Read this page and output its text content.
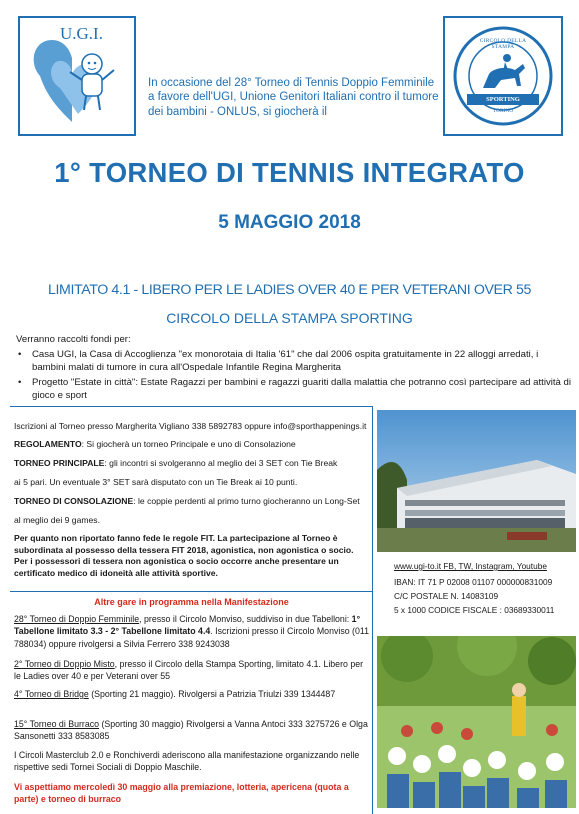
U.G.I.	CIRCOLO DELLA STAMPA
SPORTING
TORINO
In occasione del 28° Torneo di Tennis Doppio Femminile a favore dell'UGI, Unione Genitori Italiani contro il tumore dei bambini - ONLUS, si giocherà il
1° TORNEO DI TENNIS INTEGRATO
5 MAGGIO 2018
LIMITATO 4.1 - LIBERO PER LE LADIES OVER 40 E PER VETERANI OVER 55
CIRCOLO DELLA STAMPA SPORTING
Verranno raccolti fondi per:
• Casa UGI, la Casa di Accoglienza "ex monorotaia di Italia '61" che dal 2006 ospita gratuitamente in 22 alloggi arredati, i bambini malati di tumore in cura all'Ospedale Infantile Regina Margherita
• Progetto "Estate in città": Estate Ragazzi per bambini e ragazzi guariti dalla malattia che potranno così partecipare ad attività di gioco e sport
Iscrizioni al Torneo presso Margherita Vigliano 338 5892783 oppure info@sporthappenings.it
REGOLAMENTO: Si giocherà un torneo Principale e uno di Consolazione
TORNEO PRINCIPALE: gli incontri si svolgeranno al meglio dei 3 SET con Tie Break
ai 5 pari. Un eventuale 3° SET sarà disputato con un Tie Break ai 10 punti.
TORNEO DI CONSOLAZIONE: le coppie perdenti al primo turno giocheranno un Long-Set
al meglio dei 9 games.
Per quanto non riportato fanno fede le regole FIT. La partecipazione al Torneo è subordinata al possesso della tessera FIT 2018, agonistica, non agonistica o socio. Per i possessori di tessera non agonistica o socio occorre anche presentare un certificato medico di idoneità alle attività sportive.
www.ugi-to.it FB, TW, Instagram, Youtube
IBAN: IT 71 P 02008 01107 000000831009
C/C POSTALE N. 14083109
5 x 1000 CODICE FISCALE : 03689330011
Altre gare in programma nella Manifestazione
28° Torneo di Doppio Femminile, presso il Circolo Monviso, suddiviso in due Tabelloni: 1° Tabellone limitato 3.3 - 2° Tabellone limitato 4.4. Iscrizioni presso il Circolo Monviso (011 788034) oppure rivolgersi a Silvia Ferrero 338 9243038
2° Torneo di Doppio Misto, presso il Circolo della Stampa Sporting, limitato 4.1. Libero per le Ladies over 40 e per Veterani over 55
4° Torneo di Bridge (Sporting 21 maggio). Rivolgersi a Patrizia Triulzi 339 1344487
15° Torneo di Burraco (Sporting 30 maggio) Rivolgersi a Vanna Antoci 333 3275726 e Olga Sansonetti 333 8583085
I Circoli Masterclub 2.0 e Ronchiverdi aderiscono alla manifestazione organizzando nelle rispettive sedi Tornei Sociali di Doppio Maschile.
Vi aspettiamo mercoledì 30 maggio alla premiazione, lotteria, apericena (quota a parte) e torneo di burraco
